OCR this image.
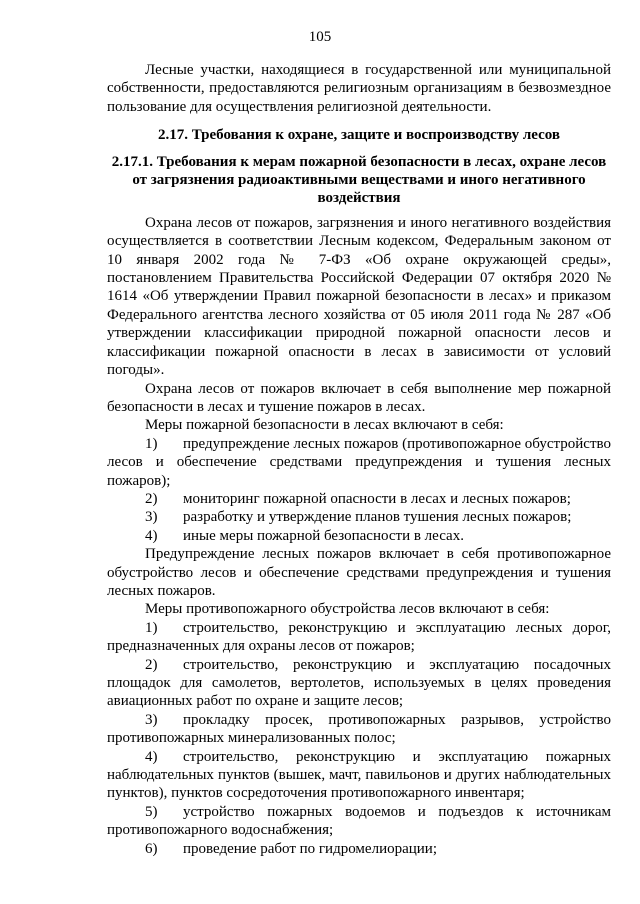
105

Лесные участки, находящиеся в государственной или муниципальной собственности, предоставляются религиозным организациям в безвозмездное пользование для осуществления религиозной деятельности.

2.17. Требования к охране, защите и воспроизводству лесов

2.17.1. Требования к мерам пожарной безопасности в лесах, охране лесов от загрязнения радиоактивными веществами и иного негативного воздействия

Охрана лесов от пожаров, загрязнения и иного негативного воздействия осуществляется в соответствии Лесным кодексом, Федеральным законом от 10 января 2002 года № 7-ФЗ «Об охране окружающей среды», постановлением Правительства Российской Федерации 07 октября 2020 № 1614 «Об утверждении Правил пожарной безопасности в лесах» и приказом Федерального агентства лесного хозяйства от 05 июля 2011 года № 287 «Об утверждении классификации природной пожарной опасности лесов и классификации пожарной опасности в лесах в зависимости от условий погоды».

Охрана лесов от пожаров включает в себя выполнение мер пожарной безопасности в лесах и тушение пожаров в лесах.

Меры пожарной безопасности в лесах включают в себя:

1) предупреждение лесных пожаров (противопожарное обустройство лесов и обеспечение средствами предупреждения и тушения лесных пожаров);

2) мониторинг пожарной опасности в лесах и лесных пожаров;

3) разработку и утверждение планов тушения лесных пожаров;

4) иные меры пожарной безопасности в лесах.

Предупреждение лесных пожаров включает в себя противопожарное обустройство лесов и обеспечение средствами предупреждения и тушения лесных пожаров.

Меры противопожарного обустройства лесов включают в себя:

1) строительство, реконструкцию и эксплуатацию лесных дорог, предназначенных для охраны лесов от пожаров;

2) строительство, реконструкцию и эксплуатацию посадочных площадок для самолетов, вертолетов, используемых в целях проведения авиационных работ по охране и защите лесов;

3) прокладку просек, противопожарных разрывов, устройство противопожарных минерализованных полос;

4) строительство, реконструкцию и эксплуатацию пожарных наблюдательных пунктов (вышек, мачт, павильонов и других наблюдательных пунктов), пунктов сосредоточения противопожарного инвентаря;

5) устройство пожарных водоемов и подъездов к источникам противопожарного водоснабжения;

6) проведение работ по гидромелиорации;
